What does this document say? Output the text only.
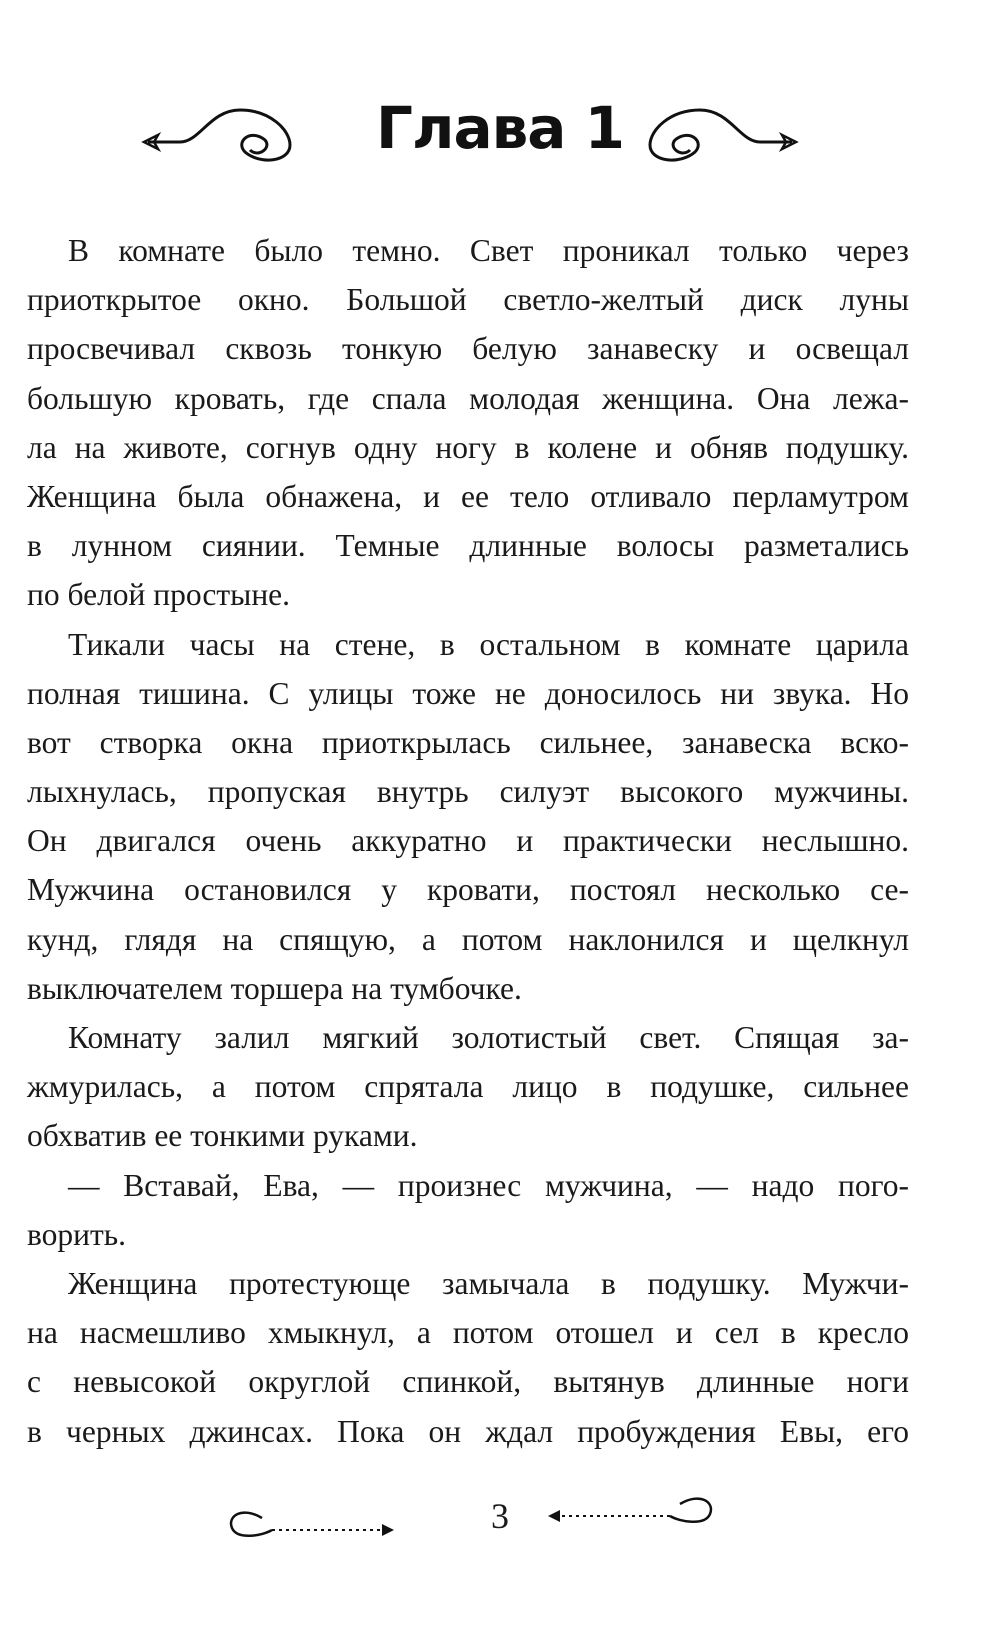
Глава 1
В комнате было темно. Свет проникал только через
приоткрытое окно. Большой светло-желтый диск луны
просвечивал сквозь тонкую белую занавеску и освещал
большую кровать, где спала молодая женщина. Она лежа-
ла на животе, согнув одну ногу в колене и обняв подушку.
Женщина была обнажена, и ее тело отливало перламутром
в лунном сиянии. Темные длинные волосы разметались
по белой простыне.
Тикали часы на стене, в остальном в комнате царила
полная тишина. С улицы тоже не доносилось ни звука. Но
вот створка окна приоткрылась сильнее, занавеска вско-
лыхнулась, пропуская внутрь силуэт высокого мужчины.
Он двигался очень аккуратно и практически неслышно.
Мужчина остановился у кровати, постоял несколько се-
кунд, глядя на спящую, а потом наклонился и щелкнул
выключателем торшера на тумбочке.
Комнату залил мягкий золотистый свет. Спящая за-
жмурилась, а потом спрятала лицо в подушке, сильнее
обхватив ее тонкими руками.
— Вставай, Ева, — произнес мужчина, — надо пого-
ворить.
Женщина протестующе замычала в подушку. Мужчи-
на насмешливо хмыкнул, а потом отошел и сел в кресло
с невысокой округлой спинкой, вытянув длинные ноги
в черных джинсах. Пока он ждал пробуждения Евы, его
3
